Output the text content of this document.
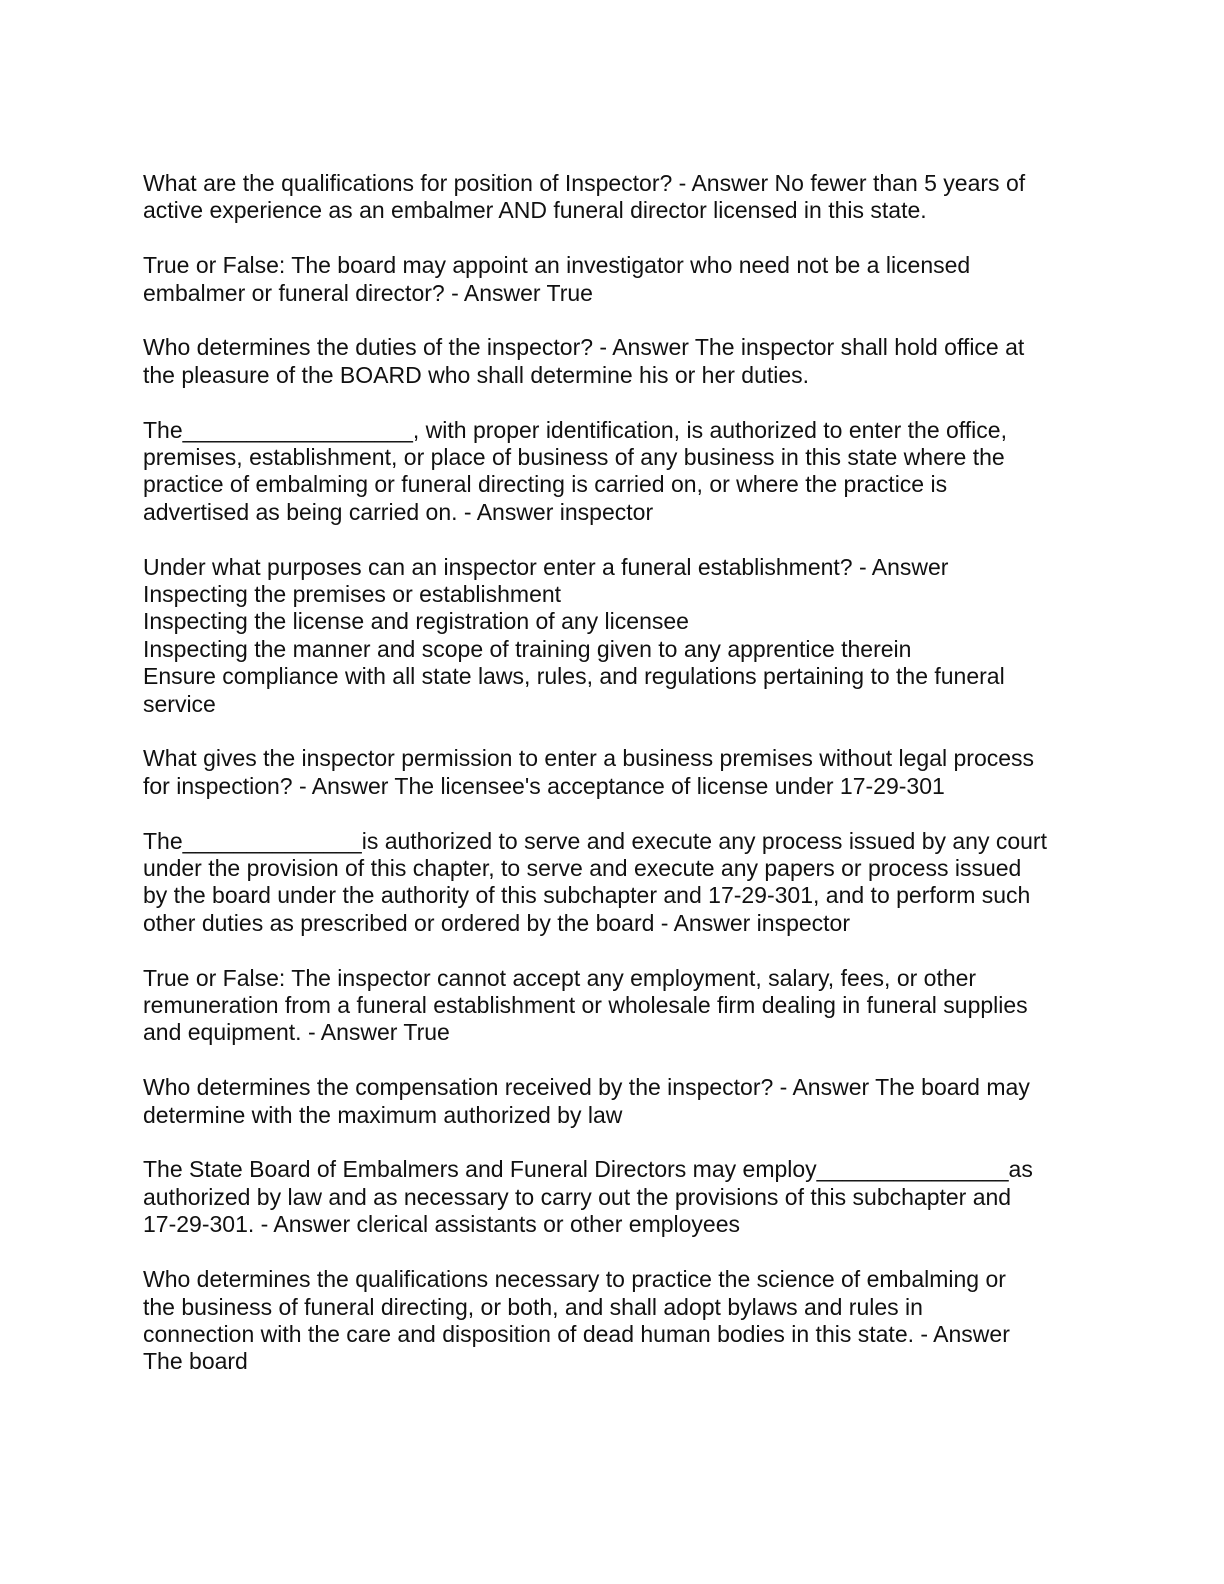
What are the qualifications for position of Inspector? - Answer No fewer than 5 years of
active experience as an embalmer AND funeral director licensed in this state.
True or False: The board may appoint an investigator who need not be a licensed
embalmer or funeral director? - Answer True
Who determines the duties of the inspector? - Answer The inspector shall hold office at
the pleasure of the BOARD who shall determine his or her duties.
The__________________, with proper identification, is authorized to enter the office,
premises, establishment, or place of business of any business in this state where the
practice of embalming or funeral directing is carried on, or where the practice is
advertised as being carried on. - Answer inspector
Under what purposes can an inspector enter a funeral establishment? - Answer
Inspecting the premises or establishment
Inspecting the license and registration of any licensee
Inspecting the manner and scope of training given to any apprentice therein
Ensure compliance with all state laws, rules, and regulations pertaining to the funeral
service
What gives the inspector permission to enter a business premises without legal process
for inspection? - Answer The licensee's acceptance of license under 17-29-301
The______________is authorized to serve and execute any process issued by any court
under the provision of this chapter, to serve and execute any papers or process issued
by the board under the authority of this subchapter and 17-29-301, and to perform such
other duties as prescribed or ordered by the board - Answer inspector
True or False: The inspector cannot accept any employment, salary, fees, or other
remuneration from a funeral establishment or wholesale firm dealing in funeral supplies
and equipment. - Answer True
Who determines the compensation received by the inspector? - Answer The board may
determine with the maximum authorized by law
The State Board of Embalmers and Funeral Directors may employ_______________as
authorized by law and as necessary to carry out the provisions of this subchapter and
17-29-301. - Answer clerical assistants or other employees
Who determines the qualifications necessary to practice the science of embalming or
the business of funeral directing, or both, and shall adopt bylaws and rules in
connection with the care and disposition of dead human bodies in this state. - Answer
The board
